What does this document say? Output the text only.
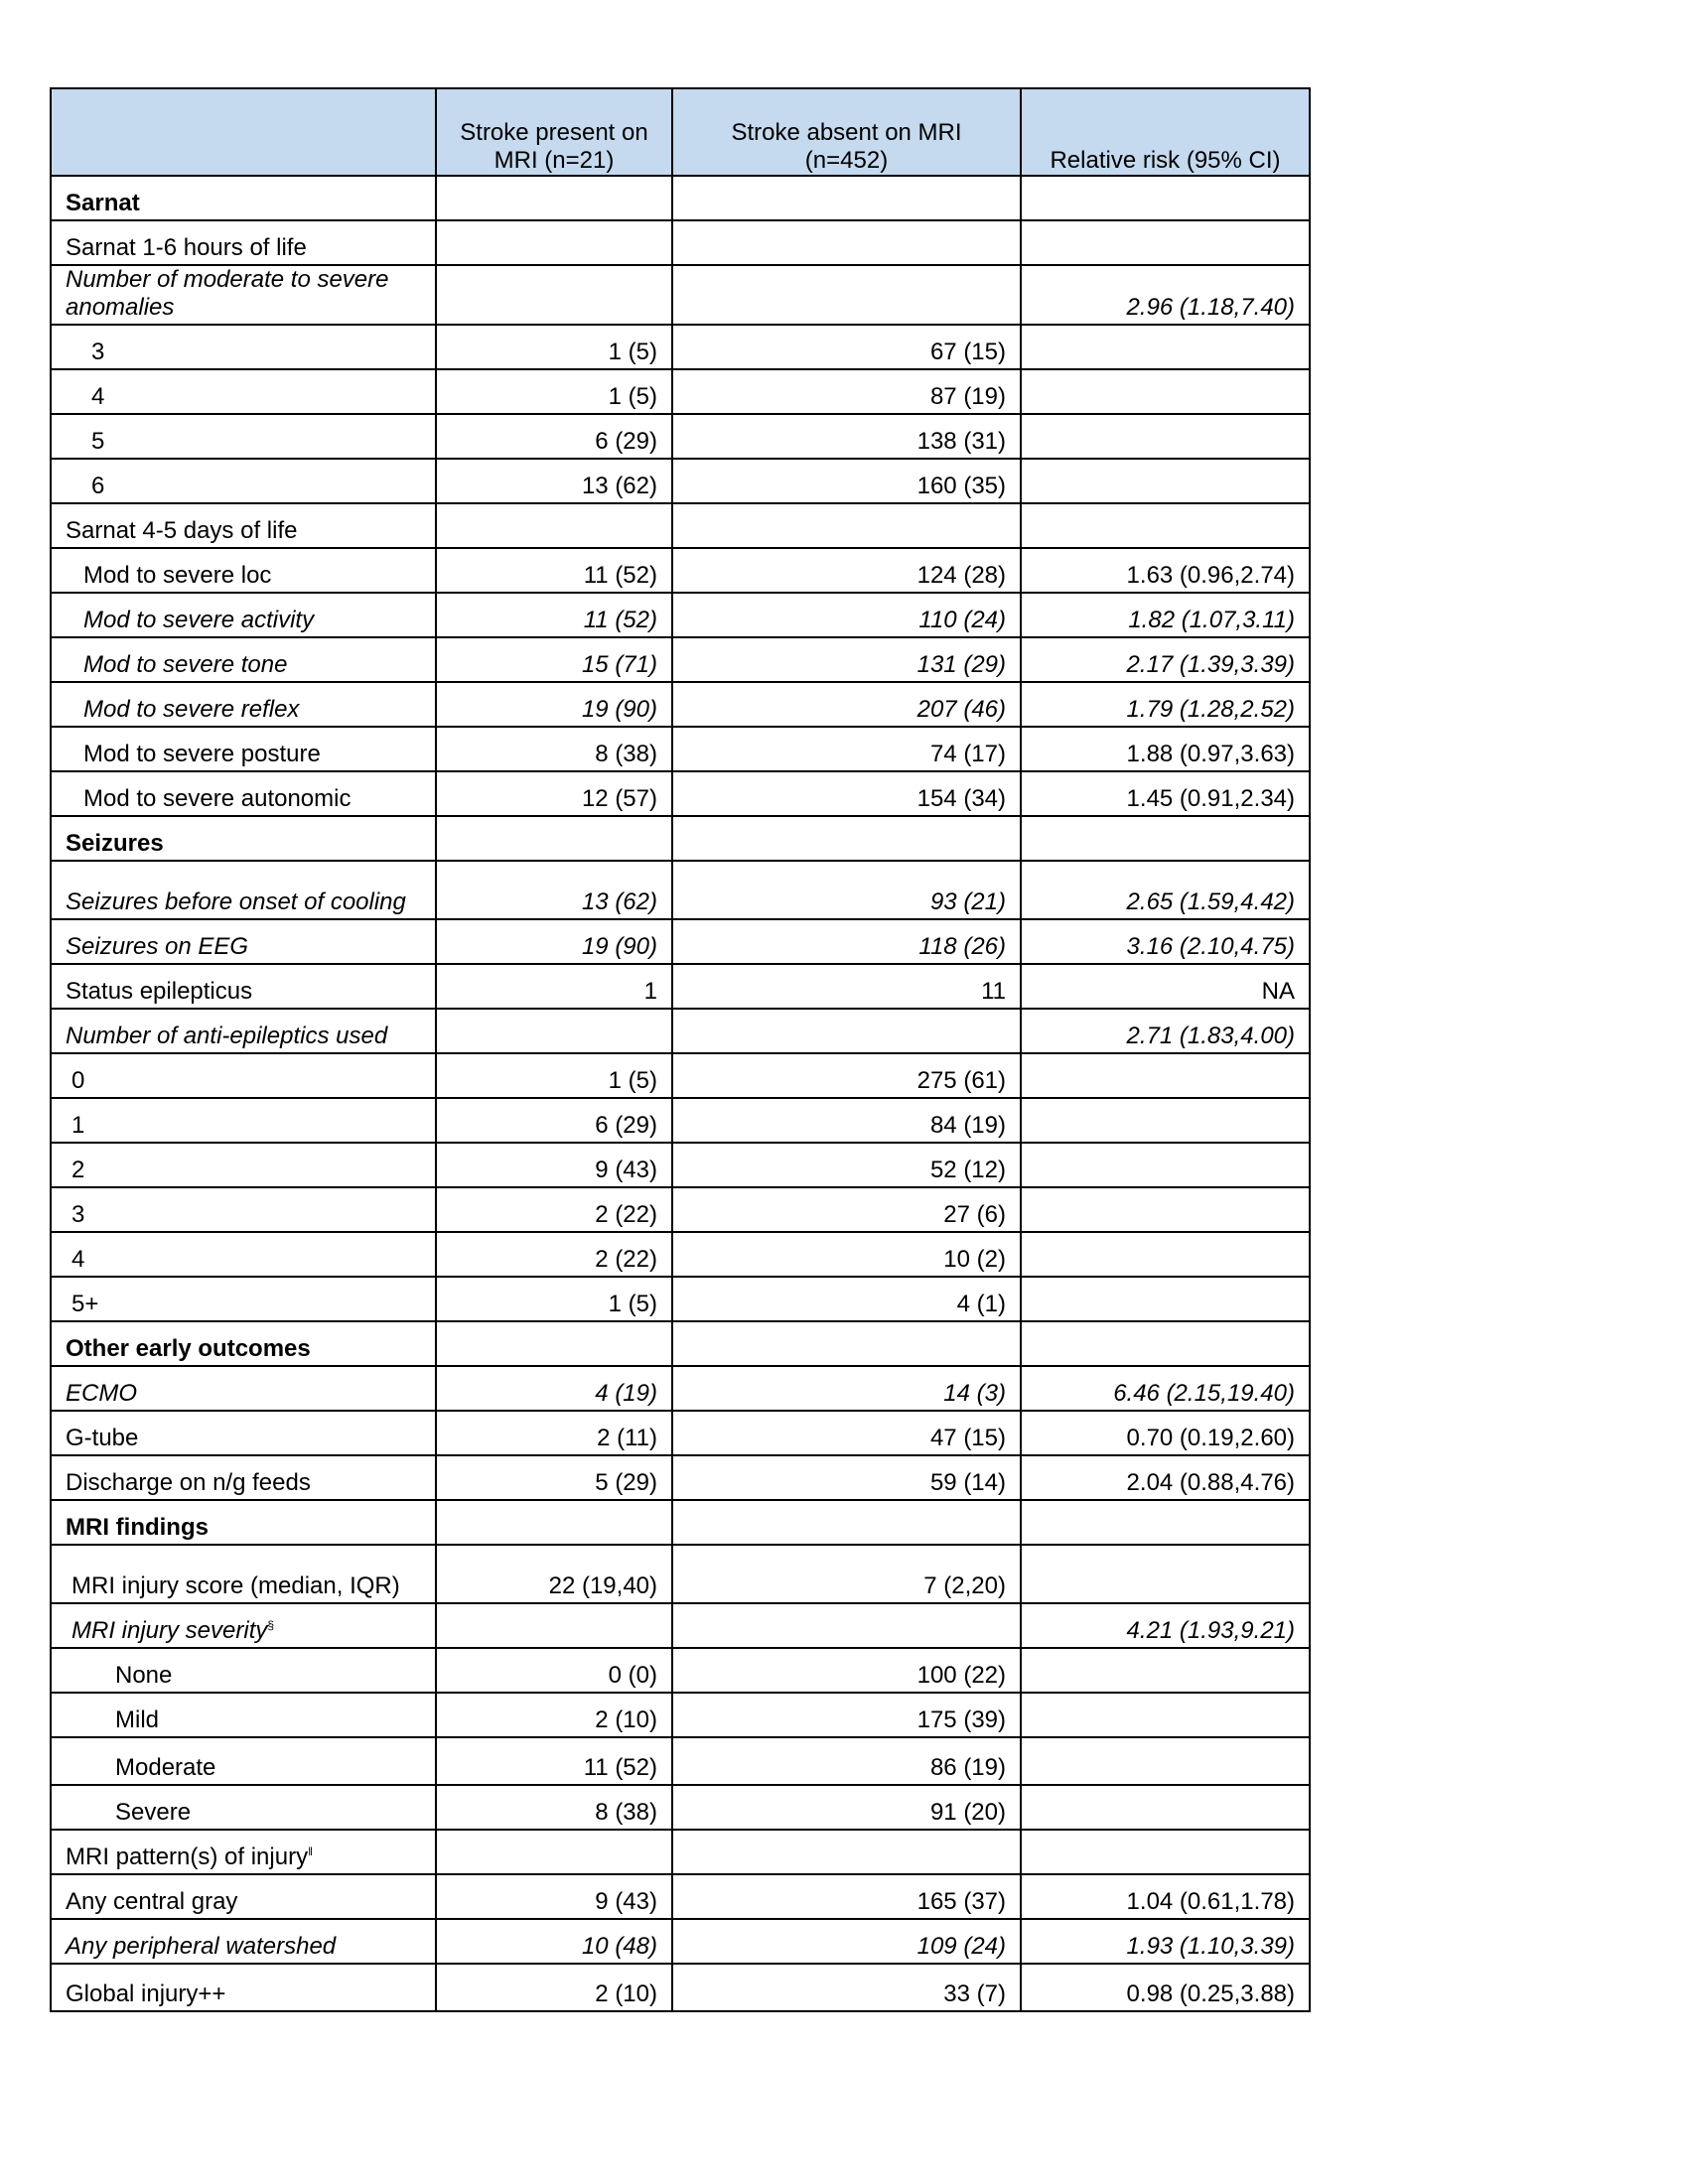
	Stroke present on MRI (n=21)	Stroke absent on MRI (n=452)	Relative risk (95% CI)

Sarnat			
Sarnat 1-6 hours of life			
Number of moderate to severe anomalies			2.96 (1.18,7.40)
3	1 (5)	67 (15)	
4	1 (5)	87 (19)	
5	6 (29)	138 (31)	
6	13 (62)	160 (35)	
Sarnat 4-5 days of life			
Mod to severe loc	11 (52)	124 (28)	1.63 (0.96,2.74)
Mod to severe activity	11 (52)	110 (24)	1.82 (1.07,3.11)
Mod to severe tone	15 (71)	131 (29)	2.17 (1.39,3.39)
Mod to severe reflex	19 (90)	207 (46)	1.79 (1.28,2.52)
Mod to severe posture	8 (38)	74 (17)	1.88 (0.97,3.63)
Mod to severe autonomic	12 (57)	154 (34)	1.45 (0.91,2.34)
Seizures			
Seizures before onset of cooling	13 (62)	93 (21)	2.65 (1.59,4.42)
Seizures on EEG	19 (90)	118 (26)	3.16 (2.10,4.75)
Status epilepticus	1	11	NA
Number of anti-epileptics used			2.71 (1.83,4.00)
0	1 (5)	275 (61)	
1	6 (29)	84 (19)	
2	9 (43)	52 (12)	
3	2 (22)	27 (6)	
4	2 (22)	10 (2)	
5+	1 (5)	4 (1)	
Other early outcomes			
ECMO	4 (19)	14 (3)	6.46 (2.15,19.40)
G-tube	2 (11)	47 (15)	0.70 (0.19,2.60)
Discharge on n/g feeds	5 (29)	59 (14)	2.04 (0.88,4.76)
MRI findings			
MRI injury score (median, IQR)	22 (19,40)	7 (2,20)	
MRI injury severity§			4.21 (1.93,9.21)
None	0 (0)	100 (22)	
Mild	2 (10)	175 (39)	
Moderate	11 (52)	86 (19)	
Severe	8 (38)	91 (20)	
MRI pattern(s) of injury$^ǁ$			
Any central gray	9 (43)	165 (37)	1.04 (0.61,1.78)
Any peripheral watershed	10 (48)	109 (24)	1.93 (1.10,3.39)
Global injury++	2 (10)	33 (7)	0.98 (0.25,3.88)
